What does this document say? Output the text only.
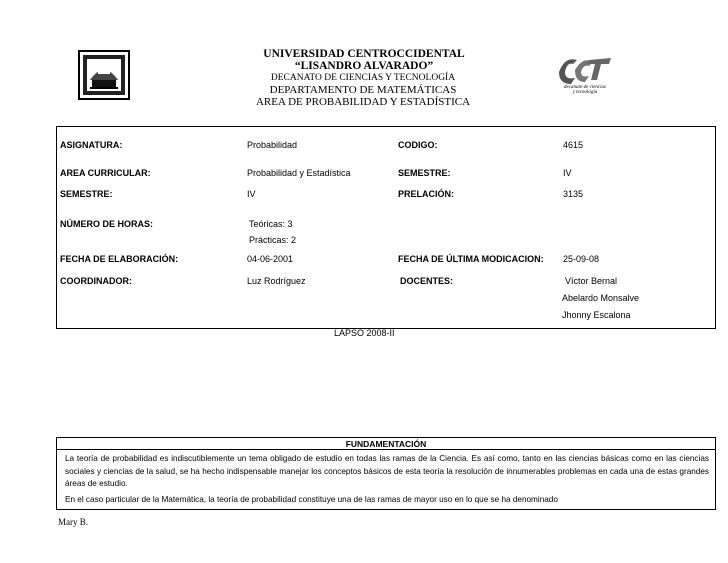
decanato de ciencias
y tecnología
UNIVERSIDAD CENTROCCIDENTAL
“LISANDRO ALVARADO”
DECANATO DE CIENCIAS Y TECNOLOGÍA
DEPARTAMENTO DE MATEMÁTICAS
AREA DE PROBABILIDAD Y ESTADÍSTICA
ASIGNATURA:	Probabilidad	CODIGO:	4615
AREA CURRICULAR:	Probabilidad y Estadística	SEMESTRE:	IV
SEMESTRE:	IV	PRELACIÓN:	3135
NÚMERO DE HORAS:	Teóricas: 3
Prácticas: 2
FECHA DE ELABORACIÓN:	04-06-2001	FECHA DE ÚLTIMA MODICACION: 25-09-08
COORDINADOR:	Luz Rodríguez	DOCENTES:	Víctor Bernal
Abelardo Monsalve
Jhonny Escalona
LAPSO 2008-II
FUNDAMENTACIÓN

La teoría de probabilidad es indiscutiblemente un tema obligado de estudio en todas las ramas de la Ciencia. Es así como, tanto en las ciencias básicas como en las ciencias sociales y ciencias de la salud, se ha hecho indispensable manejar los conceptos básicos de esta teoría la resolución de innumerables problemas en cada una de estas grandes áreas de estudio.

En el caso particular de la Matemática, la teoría de probabilidad constituye una de las ramas de mayor uso en lo que se ha denominado

Mary B.
